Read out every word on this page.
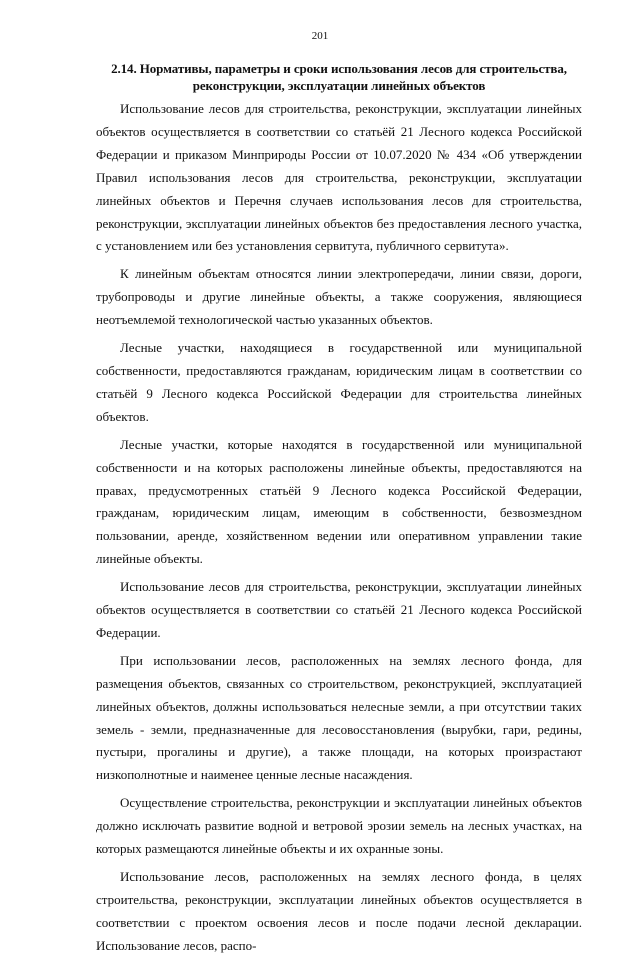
201

2.14. Нормативы, параметры и сроки использования лесов для строительства, реконструкции, эксплуатации линейных объектов

Использование лесов для строительства, реконструкции, эксплуатации линейных объектов осуществляется в соответствии со статьёй 21 Лесного кодекса Российской Федерации и приказом Минприроды России от 10.07.2020 № 434 «Об утверждении Правил использования лесов для строительства, реконструкции, эксплуатации линейных объектов и Перечня случаев использования лесов для строительства, реконструкции, эксплуатации линейных объектов без предоставления лесного участка, с установлением или без установления сервитута, публичного сервитута».

К линейным объектам относятся линии электропередачи, линии связи, дороги, трубопроводы и другие линейные объекты, а также сооружения, являющиеся неотъемлемой технологической частью указанных объектов.

Лесные участки, находящиеся в государственной или муниципальной собственности, предоставляются гражданам, юридическим лицам в соответствии со статьёй 9 Лесного кодекса Российской Федерации для строительства линейных объектов.

Лесные участки, которые находятся в государственной или муниципальной собственности и на которых расположены линейные объекты, предоставляются на правах, предусмотренных статьёй 9 Лесного кодекса Российской Федерации, гражданам, юридическим лицам, имеющим в собственности, безвозмездном пользовании, аренде, хозяйственном ведении или оперативном управлении такие линейные объекты.

Использование лесов для строительства, реконструкции, эксплуатации линейных объектов осуществляется в соответствии со статьёй 21 Лесного кодекса Российской Федерации.

При использовании лесов, расположенных на землях лесного фонда, для размещения объектов, связанных со строительством, реконструкцией, эксплуатацией линейных объектов, должны использоваться нелесные земли, а при отсутствии таких земель - земли, предназначенные для лесовосстановления (вырубки, гари, редины, пустыри, прогалины и другие), а также площади, на которых произрастают низкополнотные и наименее ценные лесные насаждения.

Осуществление строительства, реконструкции и эксплуатации линейных объектов должно исключать развитие водной и ветровой эрозии земель на лесных участках, на которых размещаются линейные объекты и их охранные зоны.

Использование лесов, расположенных на землях лесного фонда, в целях строительства, реконструкции, эксплуатации линейных объектов осуществляется в соответствии с проектом освоения лесов и после подачи лесной декларации. Использование лесов, распо-
